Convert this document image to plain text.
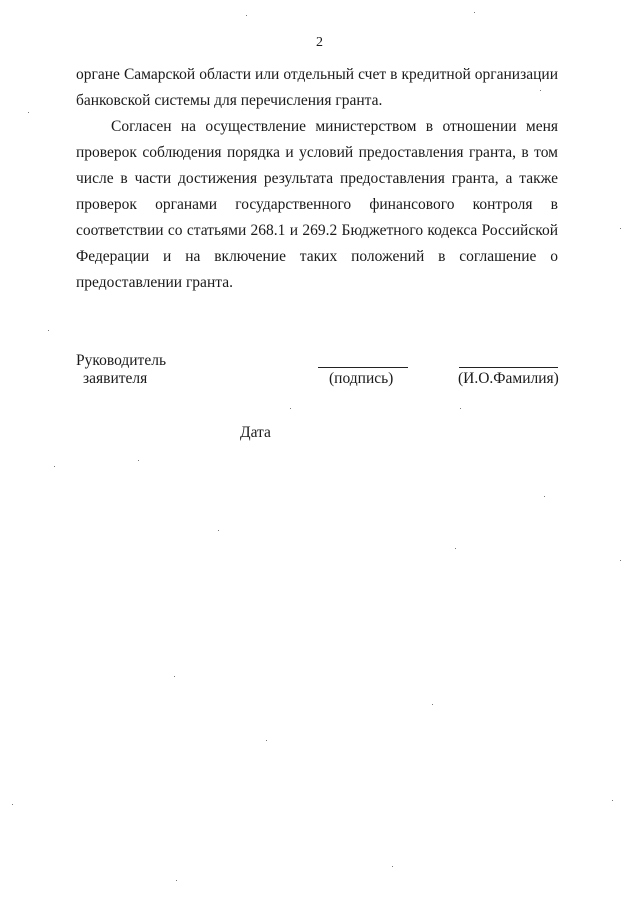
2

органе Самарской области или отдельный счет в кредитной организации банковской системы для перечисления гранта.

Согласен на осуществление министерством в отношении меня проверок соблюдения порядка и условий предоставления гранта, в том числе в части достижения результата предоставления гранта, а также проверок органами государственного финансового контроля в соответствии со статьями 268.1 и 269.2 Бюджетного кодекса Российской Федерации и на включение таких положений в соглашение о предоставлении гранта.

Руководитель
заявителя	(подпись)	(И.О.Фамилия)
Дата
